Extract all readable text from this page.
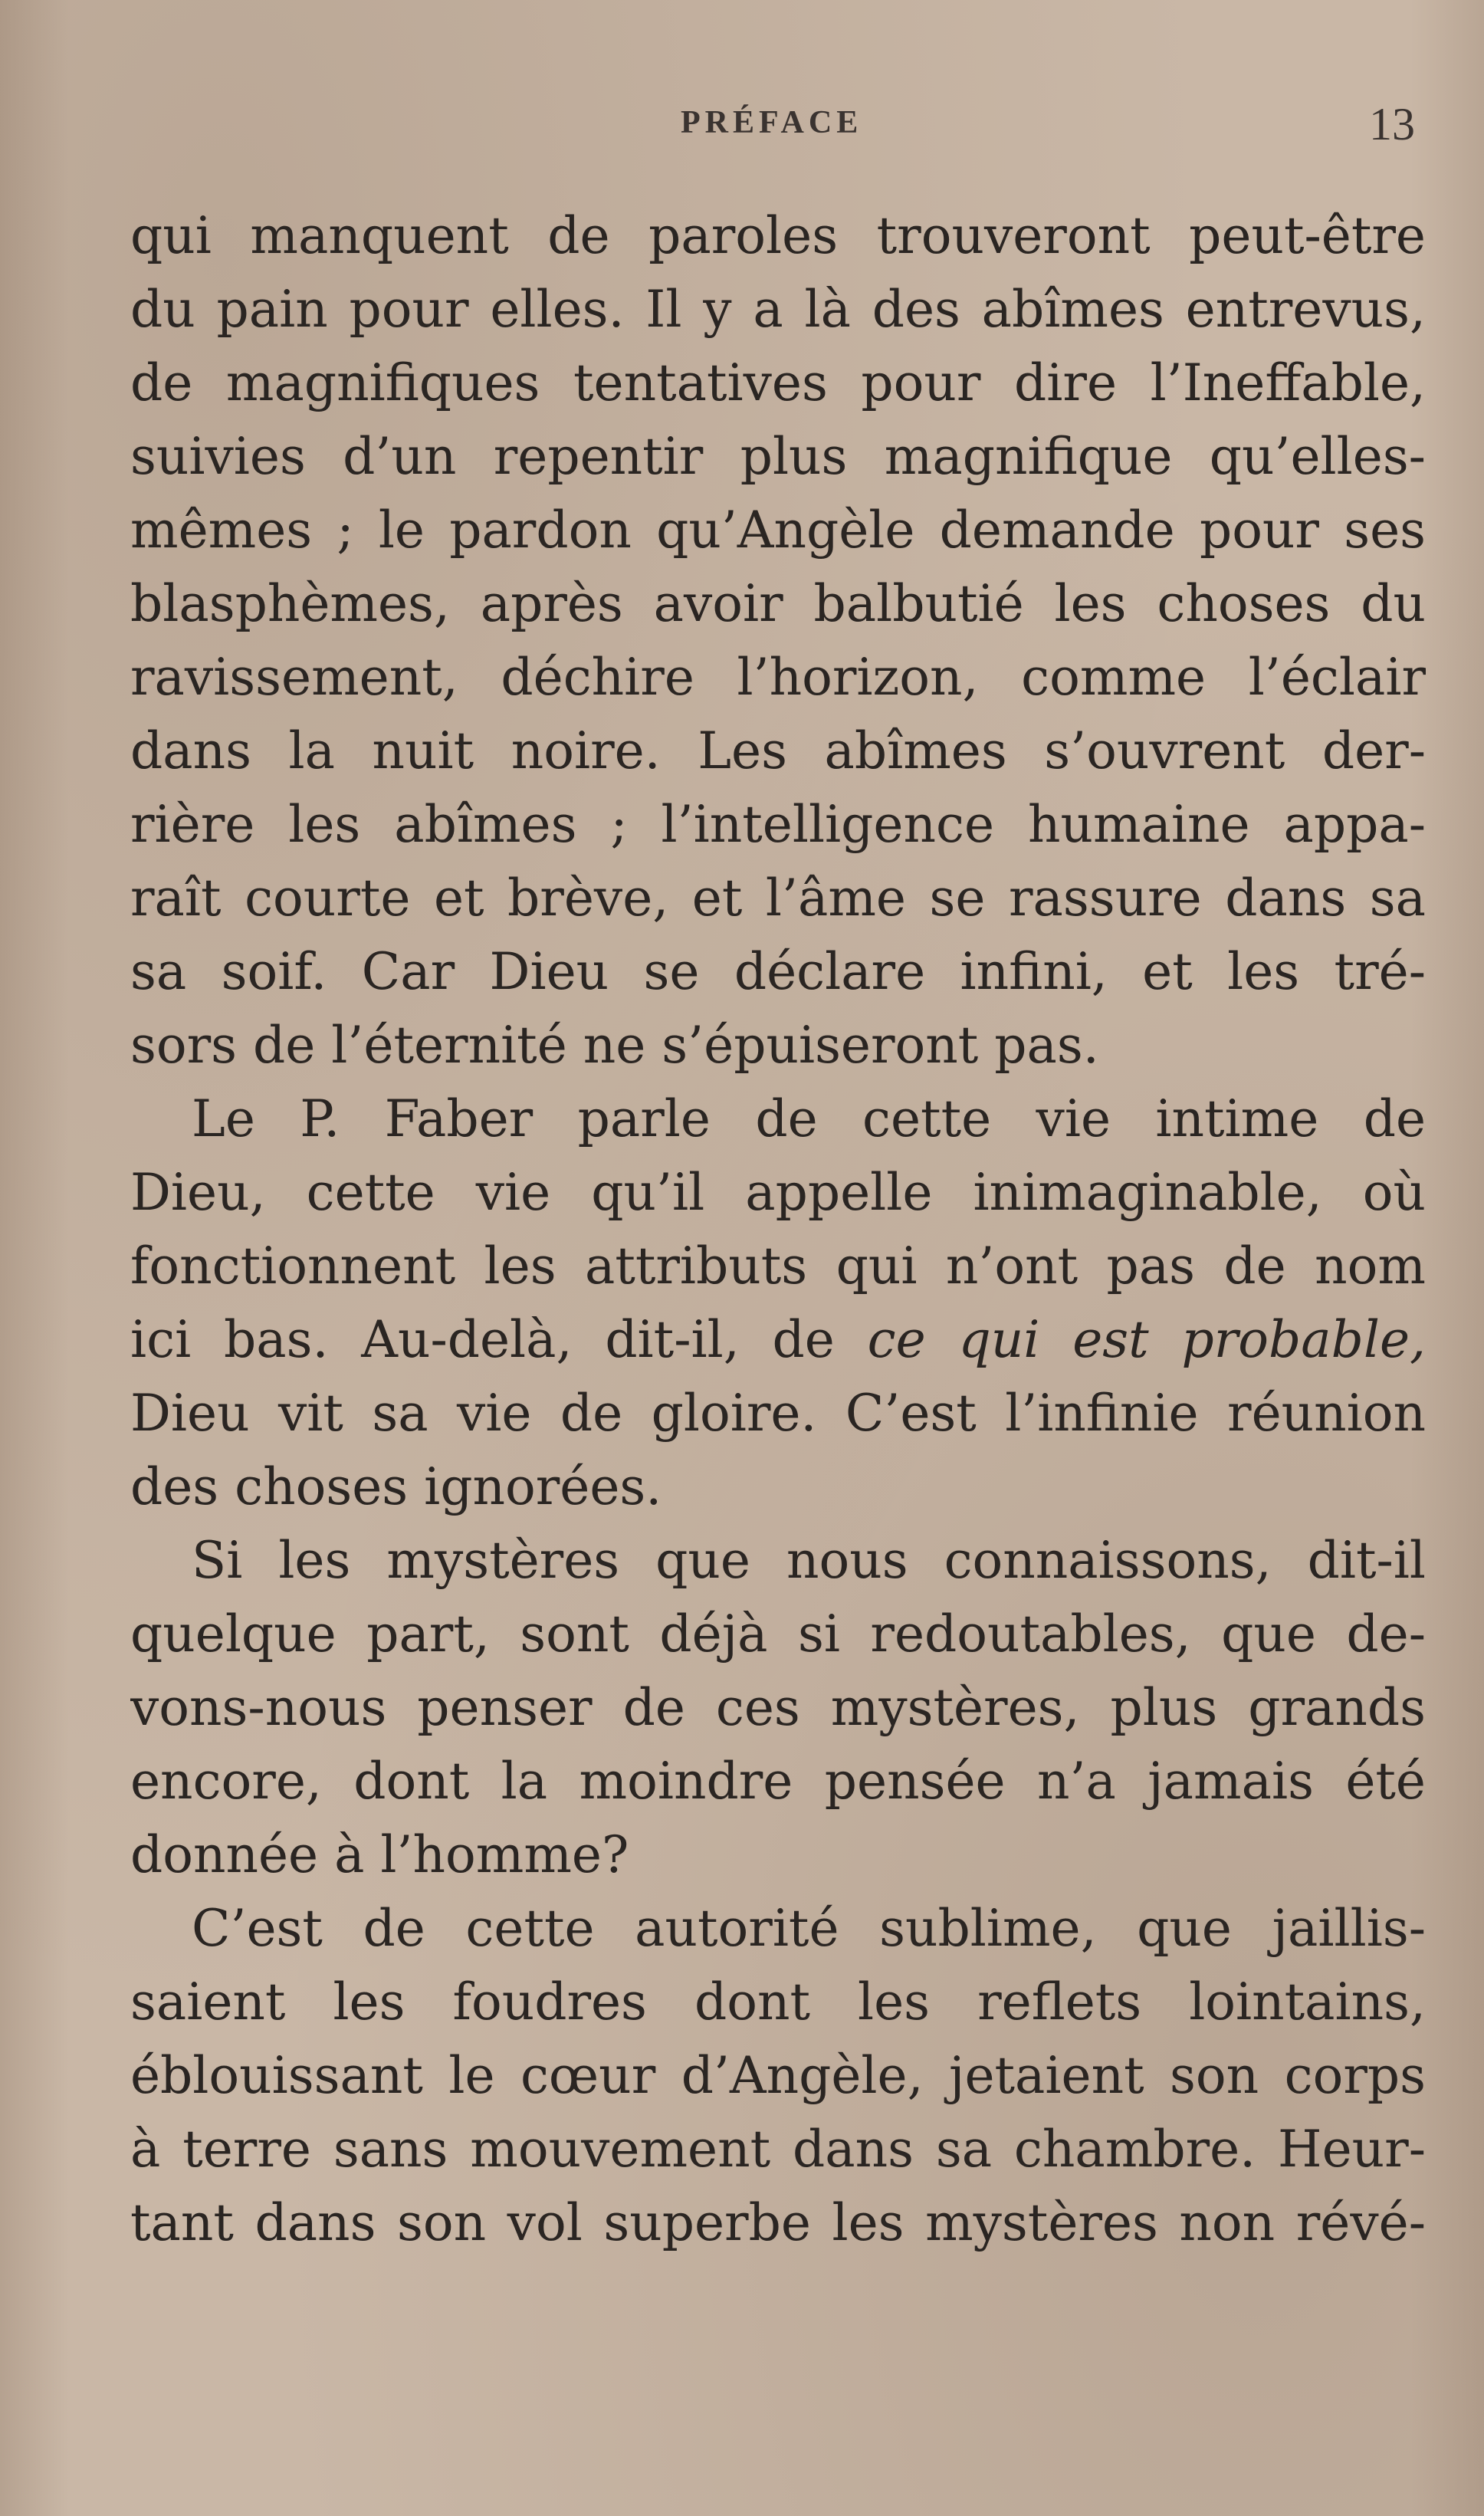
PRÉFACE	13
qui manquent de paroles trouveront peut-être
du pain pour elles. Il y a là des abîmes entrevus,
de magnifiques tentatives pour dire l’Ineffable,
suivies d’un repentir plus magnifique qu’elles-
mêmes ; le pardon qu’Angèle demande pour ses
blasphèmes, après avoir balbutié les choses du
ravissement, déchire l’horizon, comme l’éclair
dans la nuit noire. Les abîmes s’ouvrent der-
rière les abîmes ; l’intelligence humaine appa-
raît courte et brève, et l’âme se rassure dans sa
sa soif. Car Dieu se déclare infini, et les tré-
sors de l’éternité ne s’épuiseront pas.
Le P. Faber parle de cette vie intime de
Dieu, cette vie qu’il appelle inimaginable, où
fonctionnent les attributs qui n’ont pas de nom
ici bas. Au-delà, dit-il, de ce qui est probable,
Dieu vit sa vie de gloire. C’est l’infinie réunion
des choses ignorées.
Si les mystères que nous connaissons, dit-il
quelque part, sont déjà si redoutables, que de-
vons-nous penser de ces mystères, plus grands
encore, dont la moindre pensée n’a jamais été
donnée à l’homme?
C’est de cette autorité sublime, que jaillis-
saient les foudres dont les reflets lointains,
éblouissant le cœur d’Angèle, jetaient son corps
à terre sans mouvement dans sa chambre. Heur-
tant dans son vol superbe les mystères non révé-
